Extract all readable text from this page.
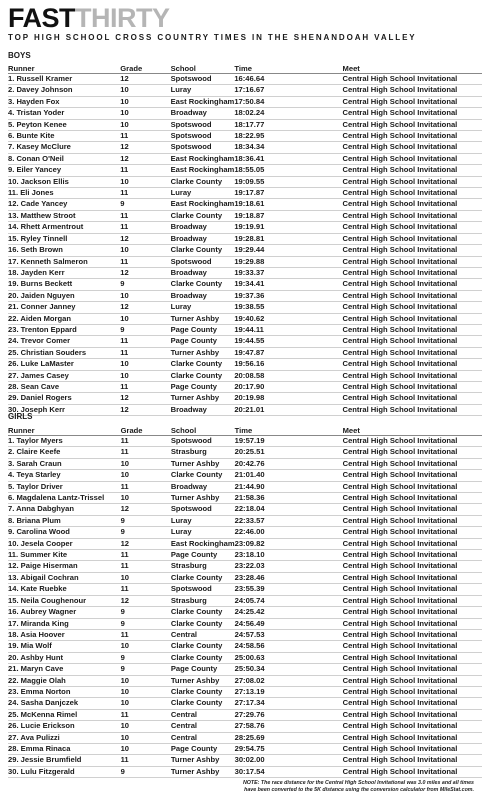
FASTTHIRTY
TOP HIGH SCHOOL CROSS COUNTRY TIMES IN THE SHENANDOAH VALLEY
BOYS
Runner	Grade	School	Time	Meet
1. Russell Kramer	12	Spotswood	16:46.64	Central High School Invitational
2. Davey Johnson	10	Luray	17:16.67	Central High School Invitational
3. Hayden Fox	10	East Rockingham	17:50.84	Central High School Invitational
4. Tristan Yoder	10	Broadway	18:02.24	Central High School Invitational
5. Peyton Kenee	10	Spotswood	18:17.77	Central High School Invitational
6. Bunte Kite	11	Spotswood	18:22.95	Central High School Invitational
7. Kasey McClure	12	Spotswood	18:34.34	Central High School Invitational
8. Conan O'Neil	12	East Rockingham	18:36.41	Central High School Invitational
9. Eiler Yancey	11	East Rockingham	18:55.05	Central High School Invitational
10. Jackson Ellis	10	Clarke County	19:09.55	Central High School Invitational
11. Eli Jones	11	Luray	19:17.87	Central High School Invitational
12. Cade Yancey	9	East Rockingham	19:18.61	Central High School Invitational
13. Matthew Stroot	11	Clarke County	19:18.87	Central High School Invitational
14. Rhett Armentrout	11	Broadway	19:19.91	Central High School Invitational
15. Ryley Tinnell	12	Broadway	19:28.81	Central High School Invitational
16. Seth Brown	10	Clarke County	19:29.44	Central High School Invitational
17. Kenneth Salmeron	11	Spotswood	19:29.88	Central High School Invitational
18. Jayden Kerr	12	Broadway	19:33.37	Central High School Invitational
19. Burns Beckett	9	Clarke County	19:34.41	Central High School Invitational
20. Jaiden Nguyen	10	Broadway	19:37.36	Central High School Invitational
21. Conner Janney	12	Luray	19:38.55	Central High School Invitational
22. Aiden Morgan	10	Turner Ashby	19:40.62	Central High School Invitational
23. Trenton Eppard	9	Page County	19:44.11	Central High School Invitational
24. Trevor Comer	11	Page County	19:44.55	Central High School Invitational
25. Christian Souders	11	Turner Ashby	19:47.87	Central High School Invitational
26. Luke LaMaster	10	Clarke County	19:56.16	Central High School Invitational
27. James Casey	10	Clarke County	20:08.58	Central High School Invitational
28. Sean Cave	11	Page County	20:17.90	Central High School Invitational
29. Daniel Rogers	12	Turner Ashby	20:19.98	Central High School Invitational
30. Joseph Kerr	12	Broadway	20:21.01	Central High School Invitational
GIRLS
Runner	Grade	School	Time	Meet
1. Taylor Myers	11	Spotswood	19:57.19	Central High School Invitational
2. Claire Keefe	11	Strasburg	20:25.51	Central High School Invitational
3. Sarah Craun	10	Turner Ashby	20:42.76	Central High School Invitational
4. Teya Starley	10	Clarke County	21:01.40	Central High School Invitational
5. Taylor Driver	11	Broadway	21:44.90	Central High School Invitational
6. Magdalena Lantz-Trissel	10	Turner Ashby	21:58.36	Central High School Invitational
7. Anna Dabghyan	12	Spotswood	22:18.04	Central High School Invitational
8. Briana Plum	9	Luray	22:33.57	Central High School Invitational
9. Carolina Wood	9	Luray	22:46.00	Central High School Invitational
10. Jesela Cooper	12	East Rockingham	23:09.82	Central High School Invitational
11. Summer Kite	11	Page County	23:18.10	Central High School Invitational
12. Paige Hiserman	11	Strasburg	23:22.03	Central High School Invitational
13. Abigail Cochran	10	Clarke County	23:28.46	Central High School Invitational
14. Kate Ruebke	11	Spotswood	23:55.39	Central High School Invitational
15. Neila Coughenour	12	Strasburg	24:05.74	Central High School Invitational
16. Aubrey Wagner	9	Clarke County	24:25.42	Central High School Invitational
17. Miranda King	9	Clarke County	24:56.49	Central High School Invitational
18. Asia Hoover	11	Central	24:57.53	Central High School Invitational
19. Mia Wolf	10	Clarke County	24:58.56	Central High School Invitational
20. Ashby Hunt	9	Clarke County	25:00.63	Central High School Invitational
21. Maryn Cave	9	Page County	25:50.34	Central High School Invitational
22. Maggie Olah	10	Turner Ashby	27:08.02	Central High School Invitational
23. Emma Norton	10	Clarke County	27:13.19	Central High School Invitational
24. Sasha Danjczek	10	Clarke County	27:17.34	Central High School Invitational
25. McKenna Rimel	11	Central	27:29.76	Central High School Invitational
26. Lucie Erickson	10	Central	27:58.76	Central High School Invitational
27. Ava Pulizzi	10	Central	28:25.69	Central High School Invitational
28. Emma Rinaca	10	Page County	29:54.75	Central High School Invitational
29. Jessie Brumfield	11	Turner Ashby	30:02.00	Central High School Invitational
30. Lulu Fitzgerald	9	Turner Ashby	30:17.54	Central High School Invitational
NOTE: The race distance for the Central High School Invitational was 3.0 miles and all times
have been converted to the 5K distance using the conversion calculator from MileStat.com.
